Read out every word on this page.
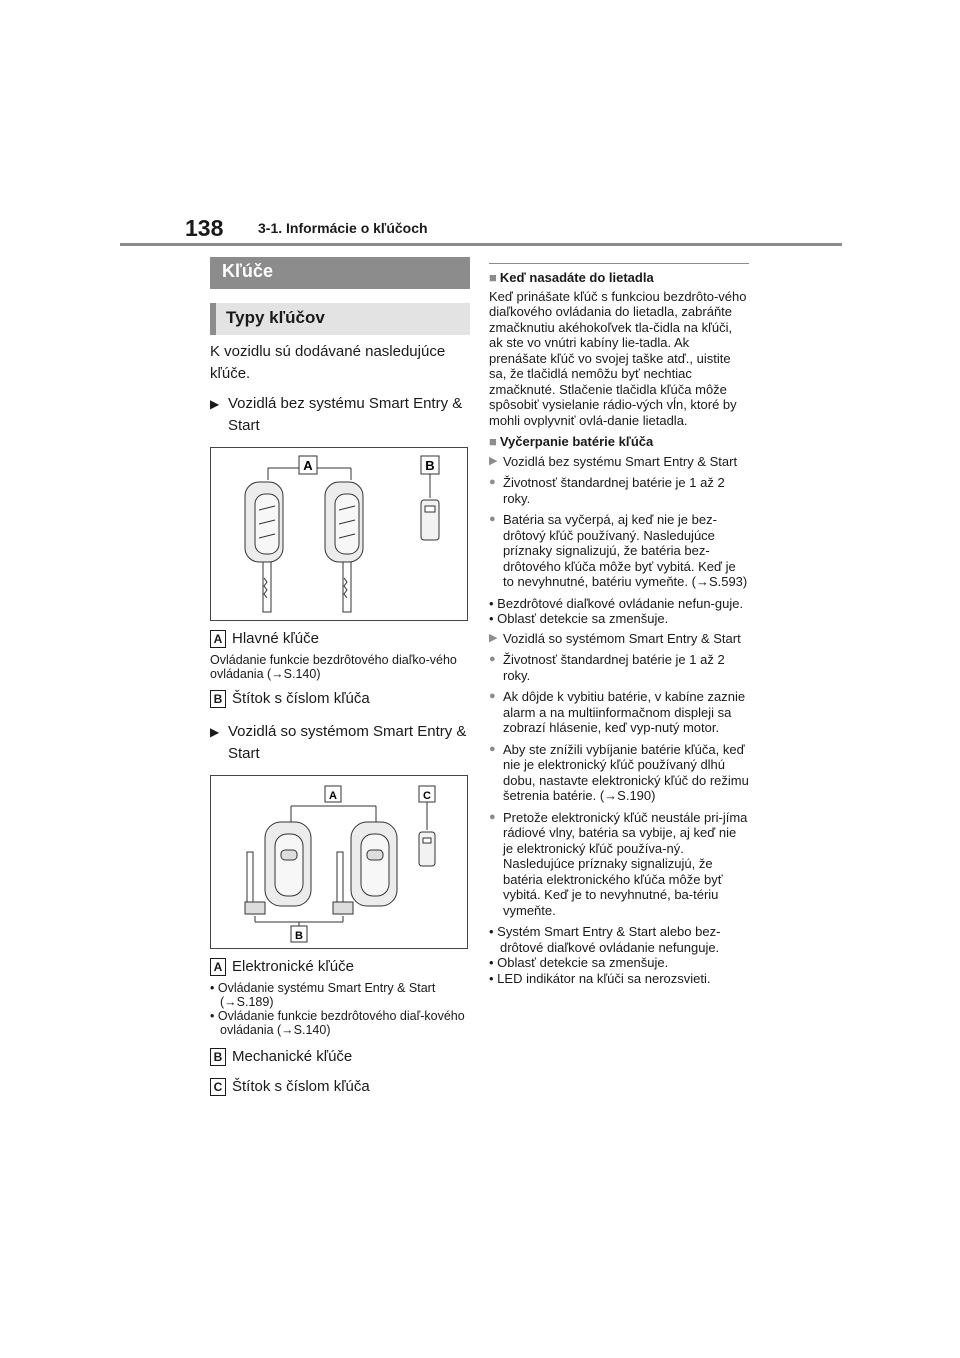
138 3-1. Informácie o kľúčoch
Kľúče
Typy kľúčov
K vozidlu sú dodávané nasledujúce kľúče.
▶ Vozidlá bez systému Smart Entry & Start
A	B
A Hlavné kľúče
Ovládanie funkcie bezdrôtového diaľko-vého ovládania (→S.140)
B Štítok s číslom kľúča
▶ Vozidlá so systémom Smart Entry & Start
A	C
B
A Elektronické kľúče
• Ovládanie systému Smart Entry & Start (→S.189)
• Ovládanie funkcie bezdrôtového diaľ-kového ovládania (→S.140)
B Mechanické kľúče
C Štítok s číslom kľúča
■ Keď nasadáte do lietadla
Keď prinášate kľúč s funkciou bezdrôto-vého diaľkového ovládania do lietadla, zabráňte zmačknutiu akéhokoľvek tla-čidla na kľúči, ak ste vo vnútri kabíny lie-tadla. Ak prenášate kľúč vo svojej taške atď., uistite sa, že tlačidlá nemôžu byť nechtiac zmačknuté. Stlačenie tlačidla kľúča môže spôsobiť vysielanie rádio-vých vĺn, ktoré by mohli ovplyvniť ovlá-danie lietadla.
■ Vyčerpanie batérie kľúča
▶ Vozidlá bez systému Smart Entry & Start
● Životnosť štandardnej batérie je 1 až 2 roky.
● Batéria sa vyčerpá, aj keď nie je bez-drôtový kľúč používaný. Nasledujúce príznaky signalizujú, že batéria bez-drôtového kľúča môže byť vybitá. Keď je to nevyhnutné, batériu vymeňte. (→S.593)
• Bezdrôtové diaľkové ovládanie nefun-guje.
• Oblasť detekcie sa zmenšuje.
▶ Vozidlá so systémom Smart Entry & Start
● Životnosť štandardnej batérie je 1 až 2 roky.
● Ak dôjde k vybitiu batérie, v kabíne zaznie alarm a na multiinformačnom displeji sa zobrazí hlásenie, keď vyp-nutý motor.
● Aby ste znížili vybíjanie batérie kľúča, keď nie je elektronický kľúč používaný dlhú dobu, nastavte elektronický kľúč do režimu šetrenia batérie. (→S.190)
● Pretože elektronický kľúč neustále pri-jíma rádiové vlny, batéria sa vybije, aj keď nie je elektronický kľúč používa-ný. Nasledujúce príznaky signalizujú, že batéria elektronického kľúča môže byť vybitá. Keď je to nevyhnutné, ba-tériu vymeňte.
• Systém Smart Entry & Start alebo bez-drôtové diaľkové ovládanie nefunguje.
• Oblasť detekcie sa zmenšuje.
• LED indikátor na kľúči sa nerozsvieti.
